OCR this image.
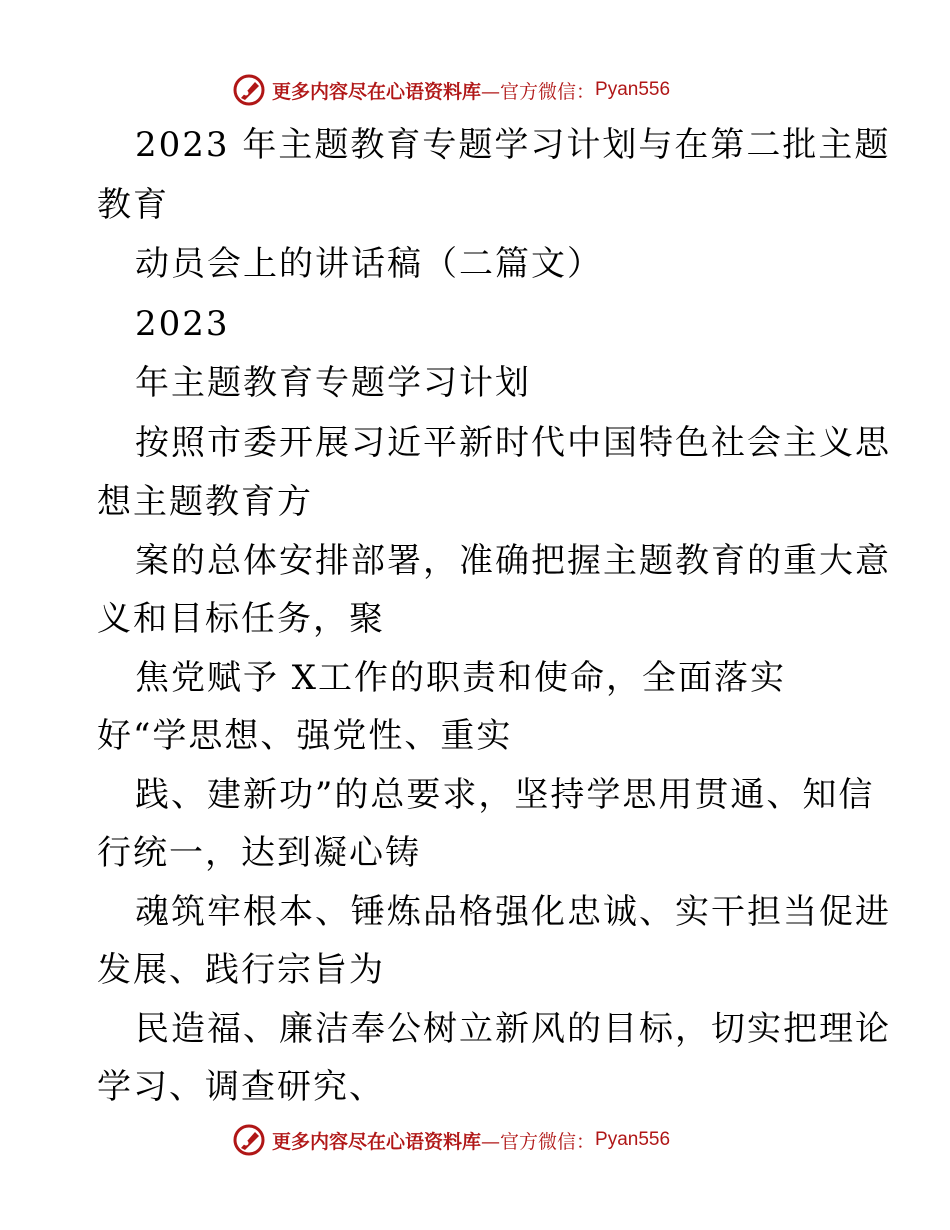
更多内容尽在心语资料库 —官方微信： Pyan556
2023 年主题教育专题学习计划与在第二批主题
教育
动员会上的讲话稿（二篇文）
2023
年主题教育专题学习计划
按照市委开展习近平新时代中国特色社会主义思
想主题教育方
案的总体安排部署，准确把握主题教育的重大意
义和目标任务，聚
焦党赋予 X工作的职责和使命，全面落实
好“学思想、强党性、重实
践、建新功”的总要求，坚持学思用贯通、知信
行统一，达到凝心铸
魂筑牢根本、锤炼品格强化忠诚、实干担当促进
发展、践行宗旨为
民造福、廉洁奉公树立新风的目标，切实把理论
学习、调查研究、
更多内容尽在心语资料库 —官方微信： Pyan556
